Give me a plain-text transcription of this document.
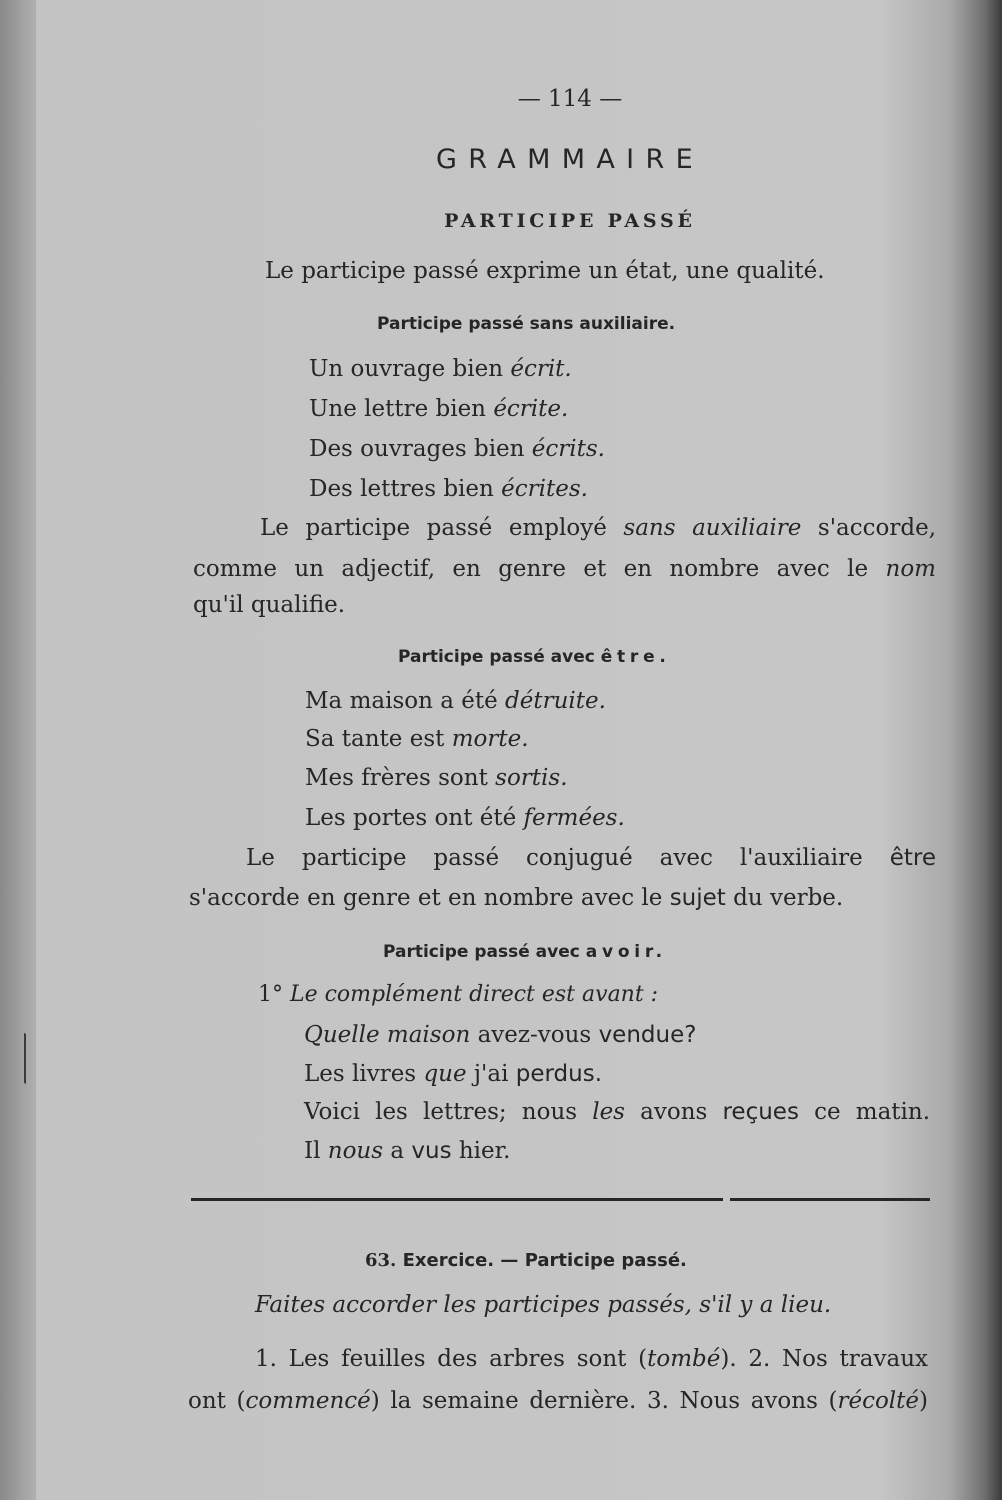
— 114 —
GRAMMAIRE
PARTICIPE PASSÉ
Le participe passé exprime un état, une qualité.
Participe passé sans auxiliaire.
Un ouvrage bien écrit.
Une lettre bien écrite.
Des ouvrages bien écrits.
Des lettres bien écrites.
Le participe passé employé sans auxiliaire s'accorde,
comme un adjectif, en genre et en nombre avec le nom
qu'il qualifie.
Participe passé avec être.
Ma maison a été détruite.
Sa tante est morte.
Mes frères sont sortis.
Les portes ont été fermées.
Le participe passé conjugué avec l'auxiliaire être
s'accorde en genre et en nombre avec le sujet du verbe.
Participe passé avec avoir.
1° Le complément direct est avant :
Quelle maison avez-vous vendue?
Les livres que j'ai perdus.
Voici les lettres; nous les avons reçues ce matin.
Il nous a vus hier.
63. Exercice. — Participe passé.
Faites accorder les participes passés, s'il y a lieu.
1. Les feuilles des arbres sont (tombé). 2. Nos travaux
ont (commencé) la semaine dernière. 3. Nous avons (récolté)
